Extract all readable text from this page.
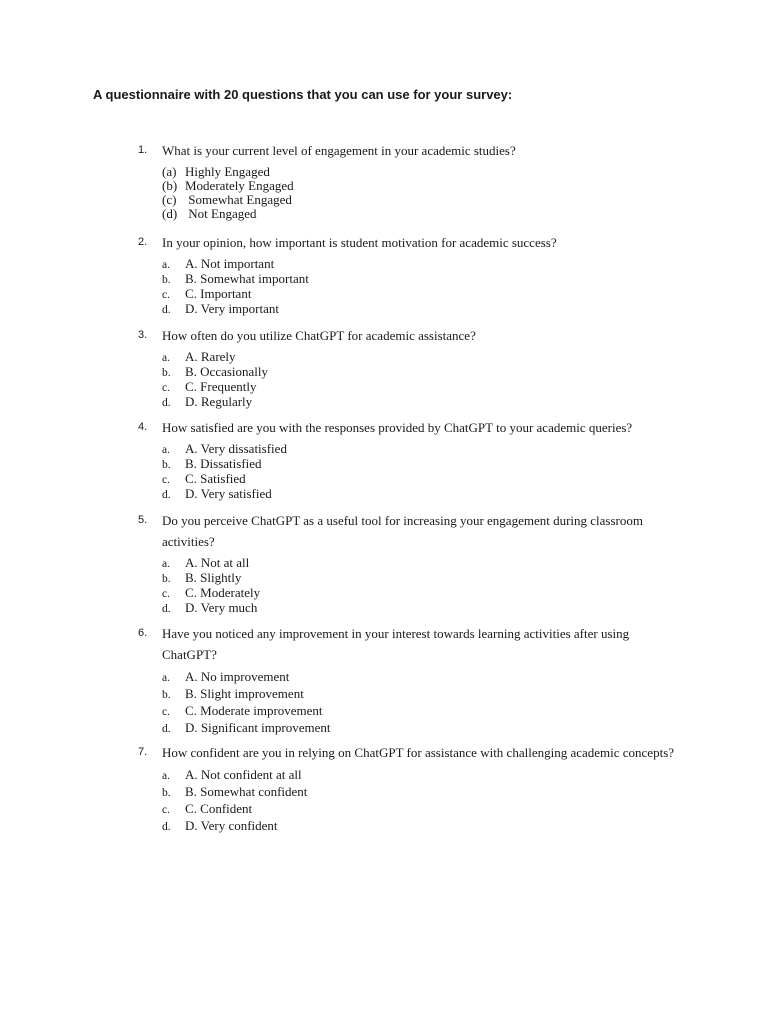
A questionnaire with 20 questions that you can use for your survey:
1.	What is your current level of engagement in your academic studies?
(a) Highly Engaged
(b) Moderately Engaged
(c) Somewhat Engaged
(d) Not Engaged
2.	In your opinion, how important is student motivation for academic success?
a. A. Not important
b. B. Somewhat important
c. C. Important
d. D. Very important
3.	How often do you utilize ChatGPT for academic assistance?
a. A. Rarely
b. B. Occasionally
c. C. Frequently
d. D. Regularly
4.	How satisfied are you with the responses provided by ChatGPT to your academic queries?
a. A. Very dissatisfied
b. B. Dissatisfied
c. C. Satisfied
d. D. Very satisfied
5.	Do you perceive ChatGPT as a useful tool for increasing your engagement during classroom activities?
a. A. Not at all
b. B. Slightly
c. C. Moderately
d. D. Very much
6.	Have you noticed any improvement in your interest towards learning activities after using ChatGPT?
a. A. No improvement
b. B. Slight improvement
c. C. Moderate improvement
d. D. Significant improvement
7.	How confident are you in relying on ChatGPT for assistance with challenging academic concepts?
a. A. Not confident at all
b. B. Somewhat confident
c. C. Confident
d. D. Very confident
